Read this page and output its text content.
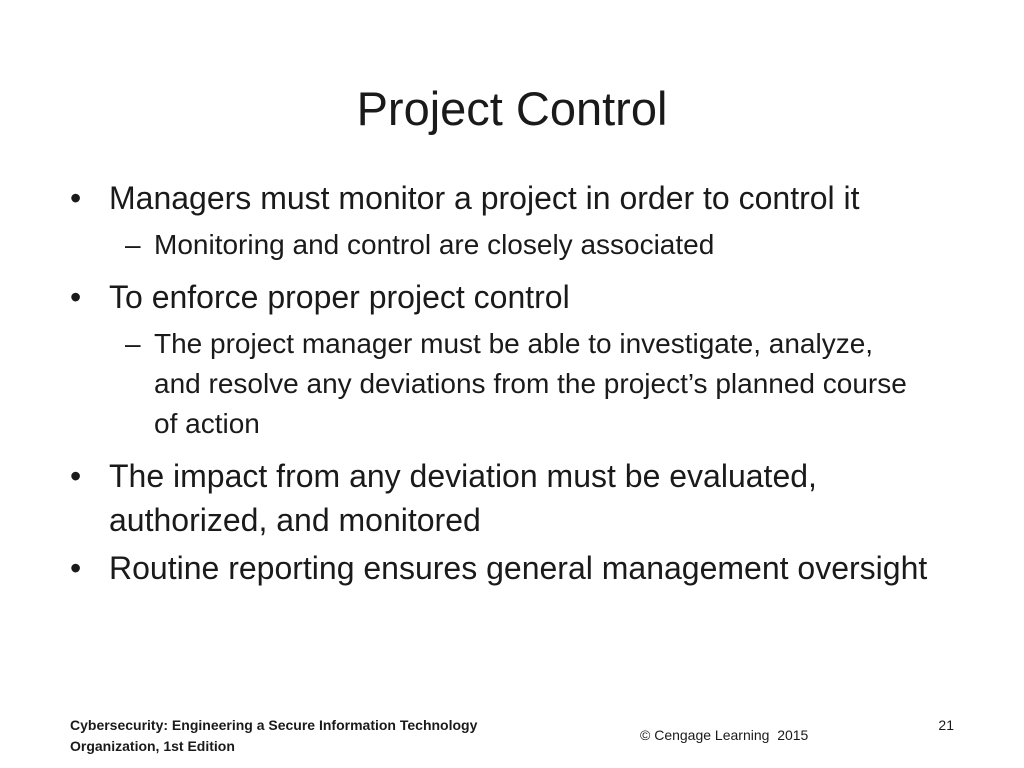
Project Control
• Managers must monitor a project in order to control it
– Monitoring and control are closely associated
• To enforce proper project control
– The project manager must be able to investigate, analyze, and resolve any deviations from the project’s planned course of action
• The impact from any deviation must be evaluated, authorized, and monitored
• Routine reporting ensures general management oversight
Cybersecurity: Engineering a Secure Information Technology
Organization, 1st Edition
© Cengage Learning  2015
21
